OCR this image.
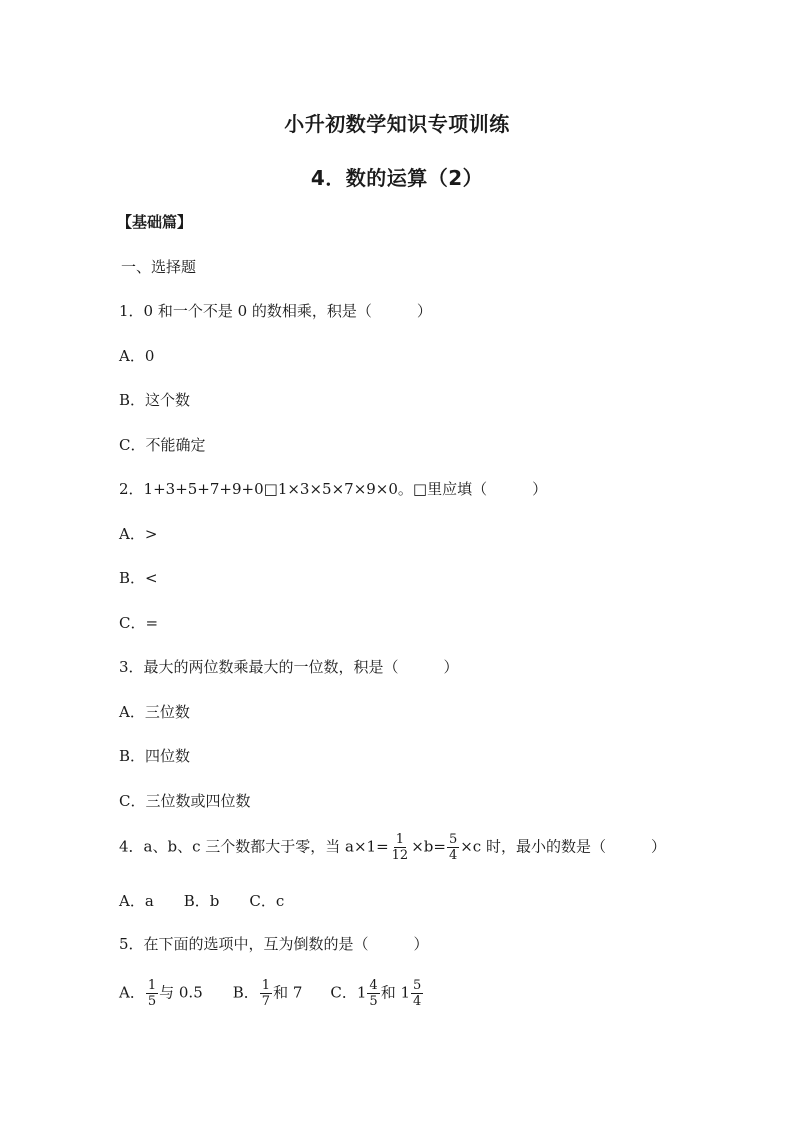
小升初数学知识专项训练
4．数的运算（2）
【基础篇】
一、选择题
1．0 和一个不是 0 的数相乘，积是（　　　）
A．0
B．这个数
C．不能确定
2．1+3+5+7+9+0□1×3×5×7×9×0。□里应填（　　　）
A．>
B．<
C．=
3．最大的两位数乘最大的一位数，积是（　　　）
A．三位数
B．四位数
C．三位数或四位数
4．a、b、c 三个数都大于零，当 $a\times 1= \frac{1}{12} \times b= \frac{5}{4} \times c$ 时，最小的数是（　　　）
A．a　　B．b　　C．c
5．在下面的选项中，互为倒数的是（　　　）
A． $\frac{1}{5}$ 与 0.5 B． $\frac{1}{7}$ 和 7 C．$1 \frac{4}{5}$ 和 $1 \frac{5}{4}$
